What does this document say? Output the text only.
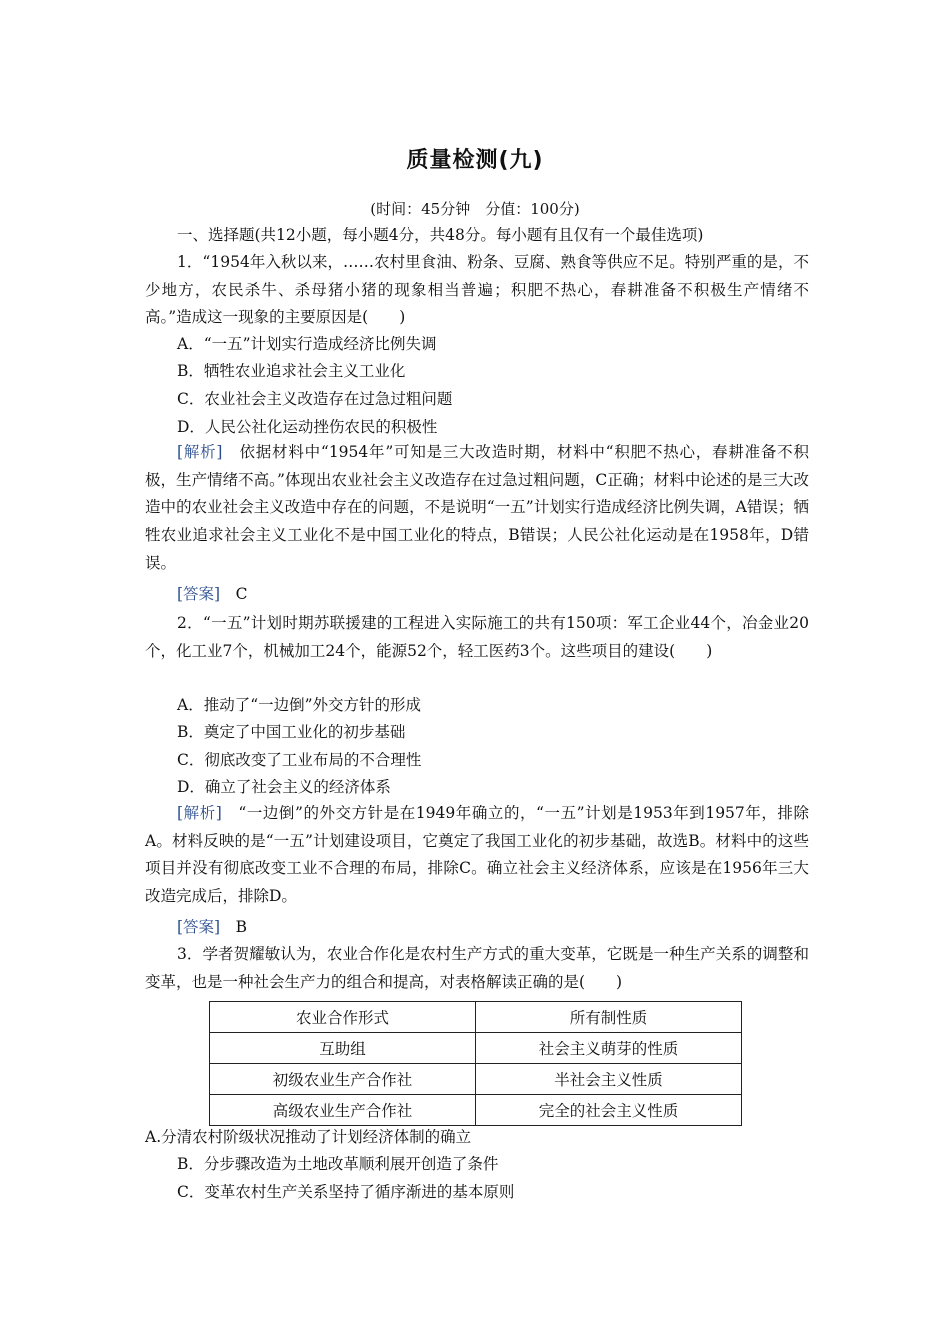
质量检测(九)
(时间：45分钟　分值：100分)
一、选择题(共12小题，每小题4分，共48分。每小题有且仅有一个最佳选项)
1．“1954年入秋以来，……农村里食油、粉条、豆腐、熟食等供应不足。特别严重的是，不少地方，农民杀牛、杀母猪小猪的现象相当普遍；积肥不热心，春耕准备不积极生产情绪不高。”造成这一现象的主要原因是(　　)
A．“一五”计划实行造成经济比例失调
B．牺牲农业追求社会主义工业化
C．农业社会主义改造存在过急过粗问题
D．人民公社化运动挫伤农民的积极性
[解析]　 依据材料中“1954年”可知是三大改造时期，材料中“积肥不热心，春耕准备不积极，生产情绪不高。”体现出农业社会主义改造存在过急过粗问题，C正确；材料中论述的是三大改造中的农业社会主义改造中存在的问题，不是说明“一五”计划实行造成经济比例失调，A错误；牺牲农业追求社会主义工业化不是中国工业化的特点，B错误；人民公社化运动是在1958年，D错误。
[答案]　 C
2．“一五”计划时期苏联援建的工程进入实际施工的共有150项：军工企业44个，冶金业20个，化工业7个，机械加工24个，能源52个，轻工医药3个。这些项目的建设(　　)
A．推动了“一边倒”外交方针的形成
B．奠定了中国工业化的初步基础
C．彻底改变了工业布局的不合理性
D．确立了社会主义的经济体系
[解析]　 “一边倒”的外交方针是在1949年确立的，“一五”计划是1953年到1957年，排除A。材料反映的是“一五”计划建设项目，它奠定了我国工业化的初步基础，故选B。材料中的这些项目并没有彻底改变工业不合理的布局，排除C。确立社会主义经济体系，应该是在1956年三大改造完成后，排除D。
[答案]　 B
3．学者贺耀敏认为，农业合作化是农村生产方式的重大变革，它既是一种生产关系的调整和变革，也是一种社会生产力的组合和提高，对表格解读正确的是(　　)
农业合作形式	所有制性质
互助组	社会主义萌芽的性质
初级农业生产合作社	半社会主义性质
高级农业生产合作社	完全的社会主义性质
A.分清农村阶级状况推动了计划经济体制的确立
B．分步骤改造为土地改革顺利展开创造了条件
C．变革农村生产关系坚持了循序渐进的基本原则
